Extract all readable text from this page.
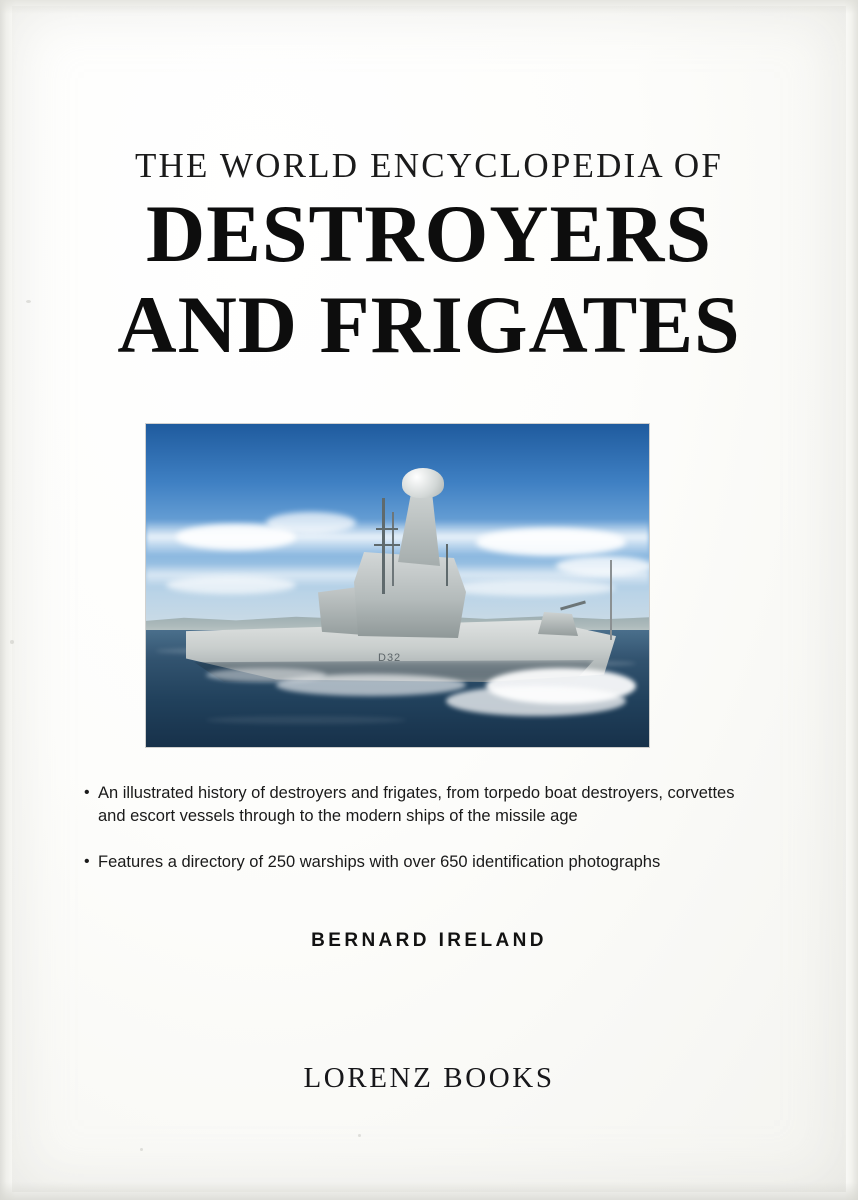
THE WORLD ENCYCLOPEDIA OF
DESTROYERS
AND FRIGATES
D32
• An illustrated history of destroyers and frigates, from torpedo boat destroyers, corvettes and escort vessels through to the modern ships of the missile age
• Features a directory of 250 warships with over 650 identification photographs
BERNARD IRELAND
LORENZ BOOKS
